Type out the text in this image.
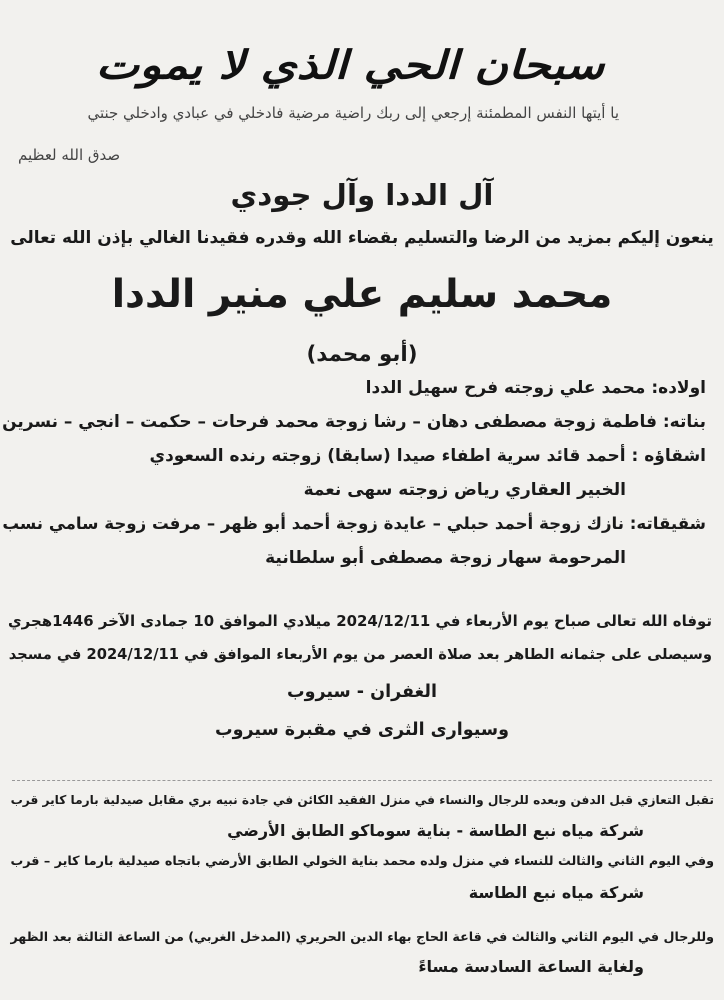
سبحان الحي الذي لا يموت
يا أيتها النفس المطمئنة إرجعي إلى ربك راضية مرضية فادخلي في عبادي وادخلي جنتي
صدق الله لعظيم
آل الددا وآل جودي
ينعون إليكم بمزيد من الرضا والتسليم بقضاء الله وقدره فقيدنا الغالي بإذن الله تعالى
محمد سليم علي منير الددا
(أبو محمد)
اولاده: محمد علي زوجته فرح سهيل الددا
بناته: فاطمة زوجة مصطفى دهان – رشا زوجة محمد فرحات – حكمت – انجي – نسرين
اشقاؤه : أحمد قائد سرية اطفاء صيدا (سابقا) زوجته رنده السعودي
الخبير العقاري رياض زوجته سهى نعمة
شقيقاته: نازك زوجة أحمد حبلي – عايدة زوجة أحمد أبو ظهر – مرفت زوجة سامي نسب
المرحومة سهار زوجة مصطفى أبو سلطانية
توفاه الله تعالى صباح يوم الأربعاء في 2024/12/11 ميلادي الموافق 10 جمادى الآخر 1446هجري
وسيصلى على جثمانه الطاهر بعد صلاة العصر من يوم الأربعاء الموافق في 2024/12/11 في مسجد
الغفران - سيروب
وسيوارى الثرى في مقبرة سيروب
تقبل التعازي قبل الدفن وبعده للرجال والنساء في منزل الفقيد الكائن في جادة نبيه بري مقابل صيدلية بارما كاير قرب
شركة مياه نبع الطاسة - بناية سوماكو الطابق الأرضي
وفي اليوم الثاني والثالث للنساء في منزل ولده محمد بناية الخولي الطابق الأرضي باتجاه صيدلية بارما كاير – قرب
شركة مياه نبع الطاسة
وللرجال في اليوم الثاني والثالث في قاعة الحاج بهاء الدين الحريري (المدخل الغربي) من الساعة الثالثة بعد الظهر
ولغاية الساعة السادسة مساءً
